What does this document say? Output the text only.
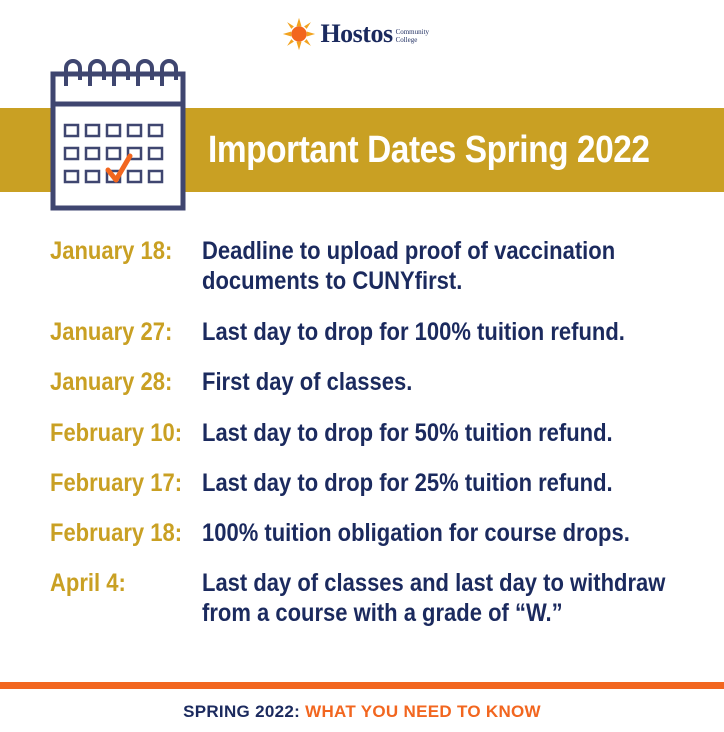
Hostos Community
College
Important Dates Spring 2022
January 18: Deadline to upload proof of vaccination
documents to CUNYfirst.
January 27: Last day to drop for 100% tuition refund.
January 28: First day of classes.
February 10: Last day to drop for 50% tuition refund.
February 17: Last day to drop for 25% tuition refund.
February 18: 100% tuition obligation for course drops.
April 4:	Last day of classes and last day to withdraw
from a course with a grade of “W.”
SPRING 2022: WHAT YOU NEED TO KNOW
